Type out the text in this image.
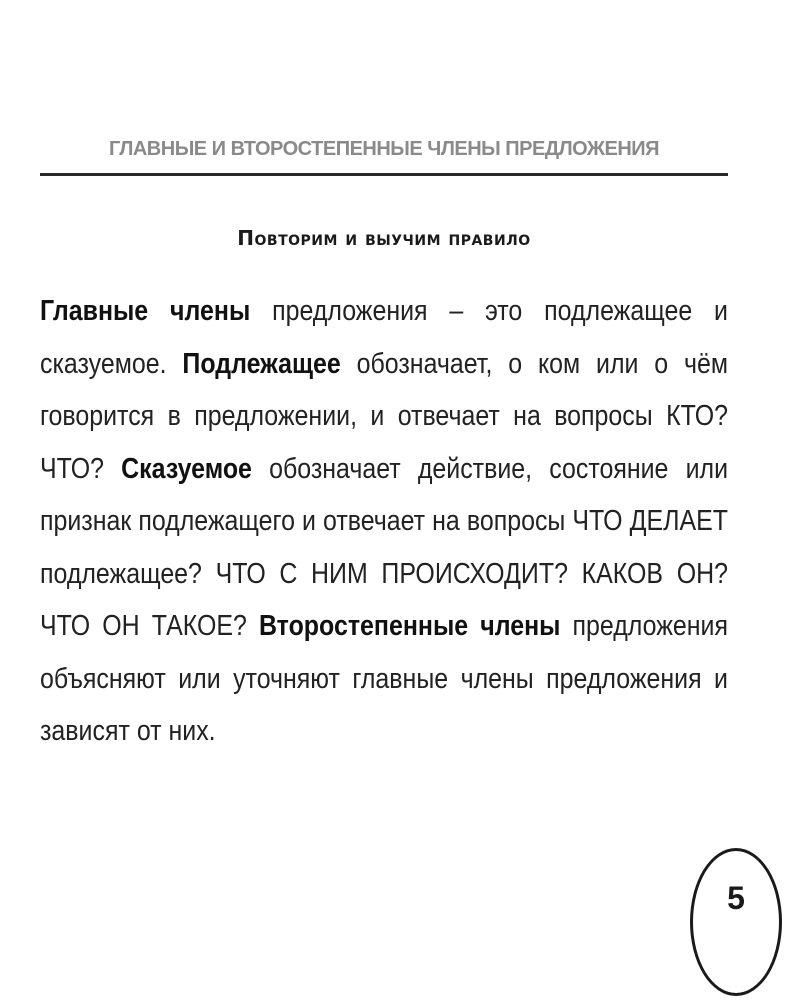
ГЛАВНЫЕ И ВТОРОСТЕПЕННЫЕ ЧЛЕНЫ ПРЕДЛОЖЕНИЯ
Повторим и выучим правило
Главные члены предложения – это подлежащее и сказуемое. Подлежащее обозначает, о ком или о чём говорится в предложении, и отвечает на вопросы КТО? ЧТО? Сказуемое обозначает действие, состояние или признак подлежащего и отвечает на вопросы ЧТО ДЕЛАЕТ подлежащее? ЧТО С НИМ ПРОИСХОДИТ? КАКОВ ОН? ЧТО ОН ТАКОЕ? Второстепенные члены предложения объясняют или уточняют главные члены предложения и зависят от них.
5
